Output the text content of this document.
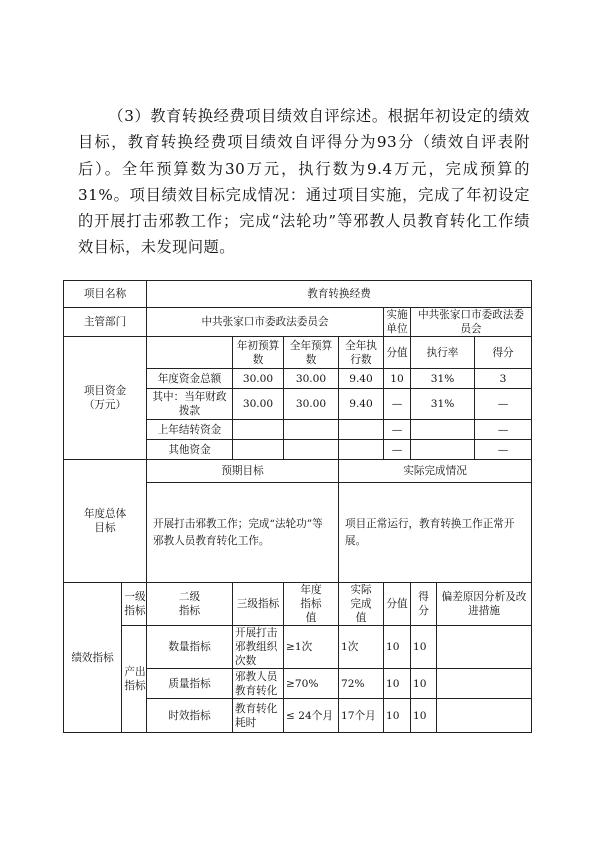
（3）教育转换经费项目绩效自评综述。根据年初设定的绩效目标，教育转换经费项目绩效自评得分为93分（绩效自评表附后）。全年预算数为30万元，执行数为9.4万元，完成预算的31%。项目绩效目标完成情况：通过项目实施，完成了年初设定的开展打击邪教工作；完成“法轮功”等邪教人员教育转化工作绩效目标，未发现问题。

项目名称		教育转换经费							
主管部门		中共张家口市委政法委员会				实施单位	中共张家口市委政法委员会		
项目资金（万元）			年初预算数	全年预算数	全年执行数	分值	执行率		得分
		年度资金总额	30.00	30.00	9.40	10	31%		3
		其中：当年财政拨款	30.00	30.00	9.40	—	31%		—
		上年结转资金				—			—
		其他资金				—			—
年度总体目标		预期目标			实际完成情况				
		开展打击邪教工作；完成“法轮功”等邪教人员教育转化工作。			项目正常运行，教育转换工作正常开展。				
绩效指标	一级指标	二级指标	三级指标	年度指标值	实际完成值	分值	得分	偏差原因分析及改进措施	
	产出指标	数量指标	开展打击邪教组织次数	≥1次	1次	10	10		
		质量指标	邪教人员教育转化	≥70%	72%	10	10		
		时效指标	教育转化耗时	≤ 24个月	17个月	10	10		
